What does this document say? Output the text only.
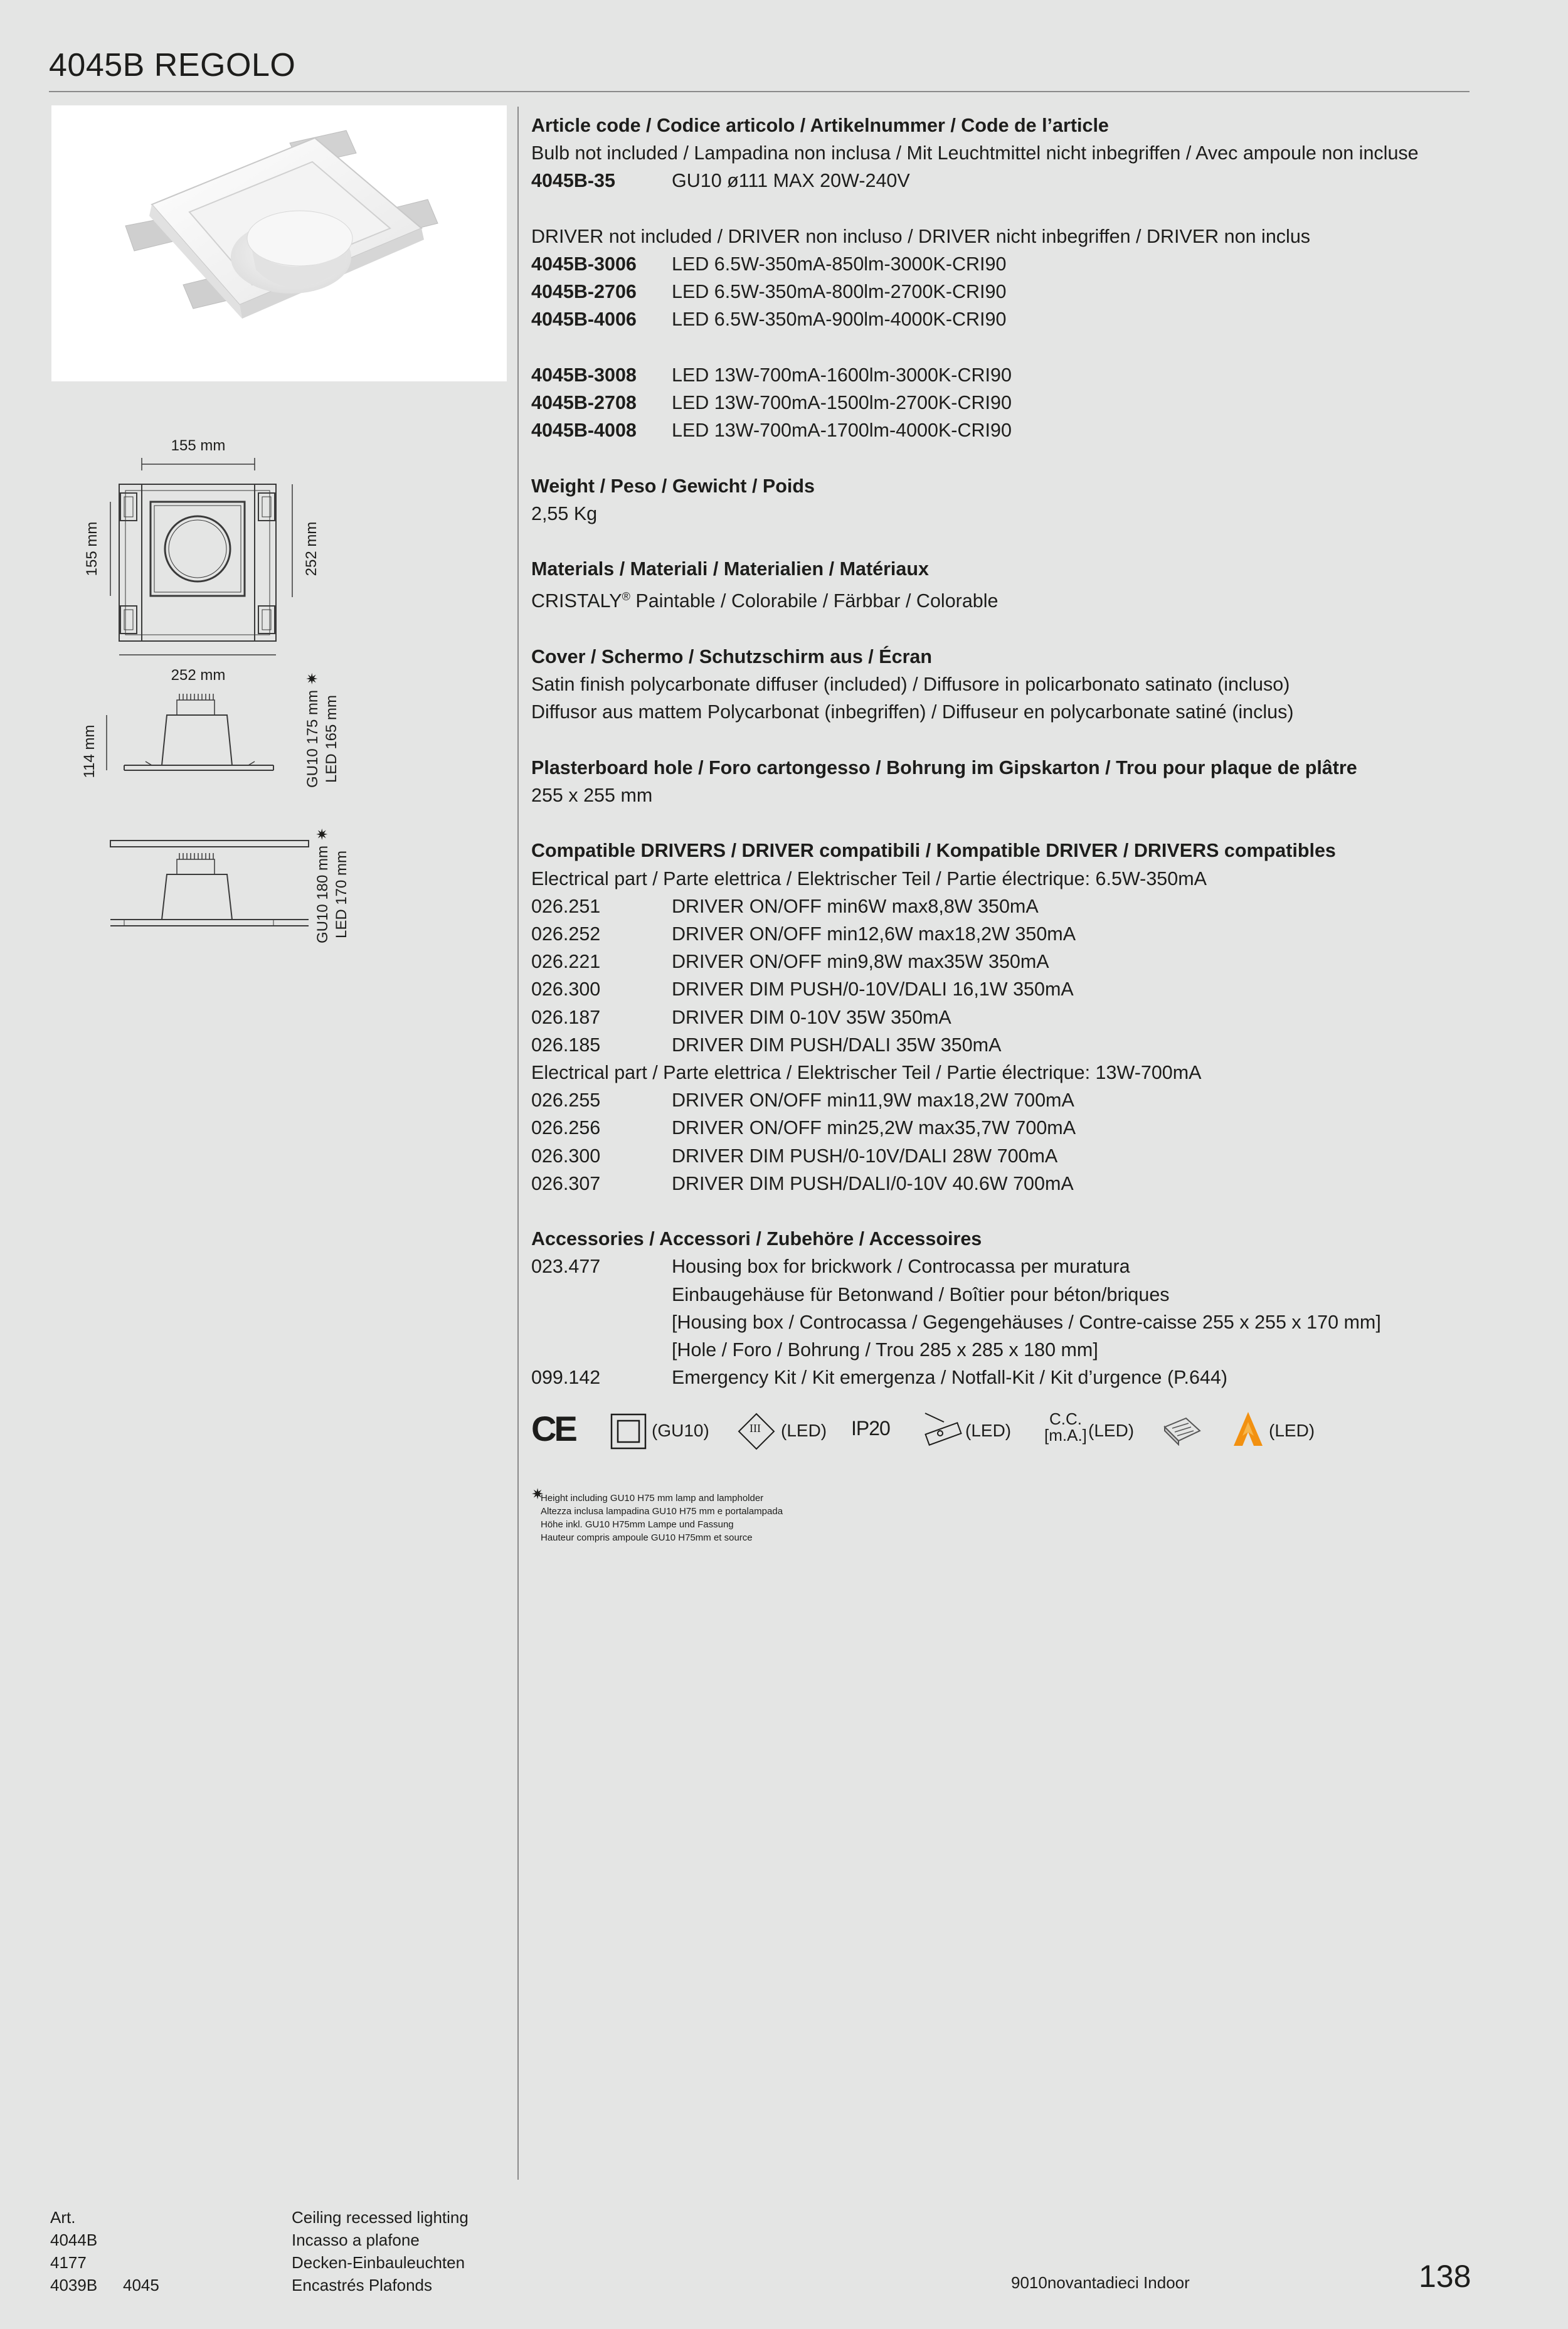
4045B REGOLO
155 mm
252 mm
155 mm	252 mm
114 mm	GU10 175 mm LED 165 mm
✷
GU10 180 mm LED 170 mm
✷

Article code / Codice articolo / Artikelnummer / Code de l’article

Bulb not included / Lampadina non inclusa / Mit Leuchtmittel nicht inbegriffen / Avec ampoule non incluse

4045B-35	GU10 ø111 MAX 20W-240V

DRIVER not included / DRIVER non incluso / DRIVER nicht inbegriffen / DRIVER non inclus

4045B-3006 LED 6.5W-350mA-850lm-3000K-CRI90

4045B-2706 LED 6.5W-350mA-800lm-2700K-CRI90

4045B-4006 LED 6.5W-350mA-900lm-4000K-CRI90

4045B-3008 LED 13W-700mA-1600lm-3000K-CRI90

4045B-2708 LED 13W-700mA-1500lm-2700K-CRI90

4045B-4008 LED 13W-700mA-1700lm-4000K-CRI90

Weight / Peso / Gewicht / Poids

2,55 Kg

Materials / Materiali / Materialien / Matériaux

CRISTALY® Paintable / Colorabile / Färbbar / Colorable

Cover / Schermo / Schutzschirm aus / Écran

Satin finish polycarbonate diffuser (included) / Diffusore in policarbonato satinato (incluso)

Diffusor aus mattem Polycarbonat (inbegriffen) / Diffuseur en polycarbonate satiné (inclus)

Plasterboard hole / Foro cartongesso / Bohrung im Gipskarton / Trou pour plaque de plâtre

255 x 255 mm

Compatible DRIVERS / DRIVER compatibili / Kompatible DRIVER / DRIVERS compatibles

Electrical part / Parte elettrica / Elektrischer Teil / Partie électrique: 6.5W-350mA

026.251	DRIVER ON/OFF min6W max8,8W 350mA

026.252	DRIVER ON/OFF min12,6W max18,2W 350mA

026.221	DRIVER ON/OFF min9,8W max35W 350mA

026.300	DRIVER DIM PUSH/0-10V/DALI 16,1W 350mA

026.187	DRIVER DIM 0-10V 35W 350mA

026.185	DRIVER DIM PUSH/DALI 35W 350mA

Electrical part / Parte elettrica / Elektrischer Teil / Partie électrique: 13W-700mA

026.255	DRIVER ON/OFF min11,9W max18,2W 700mA

026.256	DRIVER ON/OFF min25,2W max35,7W 700mA

026.300	DRIVER DIM PUSH/0-10V/DALI 28W 700mA

026.307	DRIVER DIM PUSH/DALI/0-10V 40.6W 700mA

Accessories / Accessori / Zubehöre / Accessoires

023.477	Housing box for brickwork / Controcassa per muratura

Einbaugehäuse für Betonwand / Boîtier pour béton/briques

[Housing box / Controcassa / Gegengehäuses / Contre-caisse 255 x 255 x 170 mm]

[Hole / Foro / Bohrung / Trou 285 x 285 x 180 mm]

099.142	Emergency Kit / Kit emergenza / Notfall-Kit / Kit d’urgence (P.644)

CE	(GU10)	III (LED) IP20	(LED)
C.C.
[m.A.] (LED)	(LED)
✷
Height including GU10 H75 mm lamp and lampholder
Altezza inclusa lampadina GU10 H75 mm e portalampada
Höhe inkl. GU10 H75mm Lampe und Fassung
Hauteur compris ampoule GU10 H75mm et source

Art.

4044B

4177

4039B 4045

Ceiling recessed lighting

Incasso a plafone

Decken-Einbauleuchten

Encastrés Plafonds	9010novantadieci Indoor	138
